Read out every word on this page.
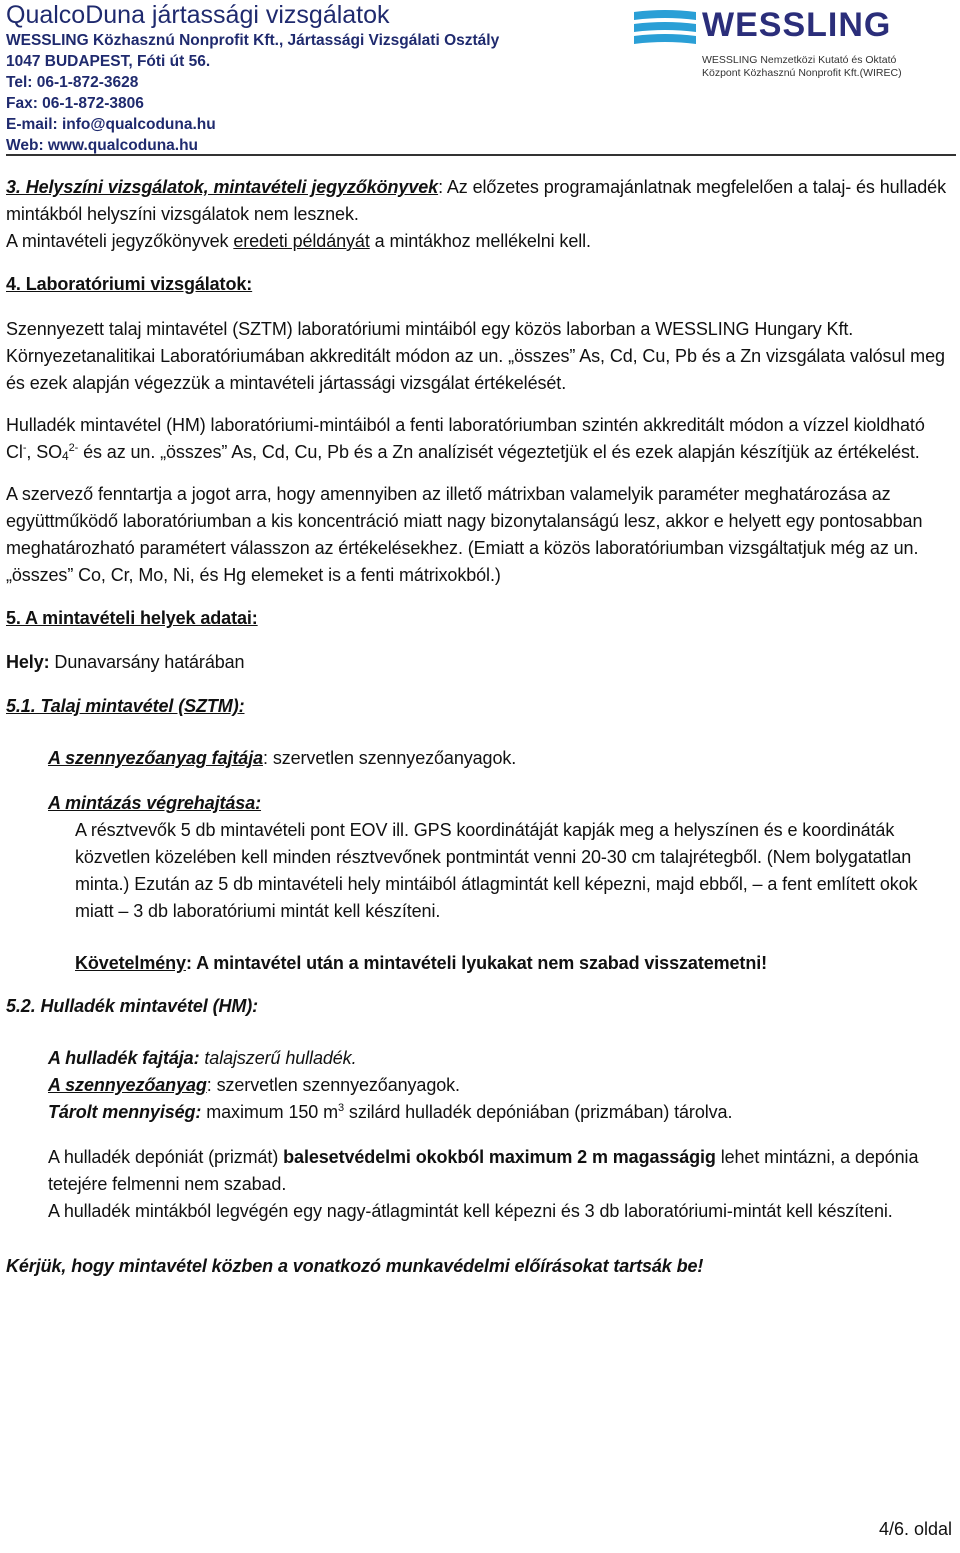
QualcoDuna jártassági vizsgálatok
WESSLING Közhasznú Nonprofit Kft., Jártassági Vizsgálati Osztály
1047 BUDAPEST, Fóti út 56.
Tel: 06-1-872-3628
Fax: 06-1-872-3806
E-mail: info@qualcoduna.hu
Web: www.qualcoduna.hu
WESSLING
WESSLING Nemzetközi Kutató és Oktató
Központ Közhasznú Nonprofit Kft.(WIREC)

3. Helyszíni vizsgálatok, mintavételi jegyzőkönyvek: Az előzetes programajánlatnak megfelelően a talaj- és hulladék mintákból helyszíni vizsgálatok nem lesznek.

A mintavételi jegyzőkönyvek eredeti példányát a mintákhoz mellékelni kell.

4. Laboratóriumi vizsgálatok:

Szennyezett talaj mintavétel (SZTM) laboratóriumi mintáiból egy közös laborban a WESSLING Hungary Kft. Környezetanalitikai Laboratóriumában akkreditált módon az un. „összes” As, Cd, Cu, Pb és a Zn vizsgálata valósul meg és ezek alapján végezzük a mintavételi jártassági vizsgálat értékelését.

Hulladék mintavétel (HM) laboratóriumi-mintáiból a fenti laboratóriumban szintén akkreditált módon a vízzel kioldható Cl-, $SO_4^{2-}$ és az un. „összes” As, Cd, Cu, Pb és a Zn analízisét végeztetjük el és ezek alapján készítjük az értékelést.

A szervező fenntartja a jogot arra, hogy amennyiben az illető mátrixban valamelyik paraméter meghatározása az együttműködő laboratóriumban a kis koncentráció miatt nagy bizonytalanságú lesz, akkor e helyett egy pontosabban meghatározható paramétert válasszon az értékelésekhez. (Emiatt a közös laboratóriumban vizsgáltatjuk még az un. „összes” Co, Cr, Mo, Ni, és Hg elemeket is a fenti mátrixokból.)

5. A mintavételi helyek adatai:

Hely: Dunavarsány határában

5.1. Talaj mintavétel (SZTM):

A szennyezőanyag fajtája: szervetlen szennyezőanyagok.

A mintázás végrehajtása:

A résztvevők 5 db mintavételi pont EOV ill. GPS koordinátáját kapják meg a helyszínen és e koordináták közvetlen közelében kell minden résztvevőnek pontmintát venni 20-30 cm talajrétegből. (Nem bolygatatlan minta.) Ezután az 5 db mintavételi hely mintáiból átlagmintát kell képezni, majd ebből, – a fent említett okok miatt – 3 db laboratóriumi mintát kell készíteni.

Követelmény: A mintavétel után a mintavételi lyukakat nem szabad visszatemetni!

5.2. Hulladék mintavétel (HM):

A hulladék fajtája: talajszerű hulladék.

A szennyezőanyag: szervetlen szennyezőanyagok.

Tárolt mennyiség: maximum 150 $m^3$ szilárd hulladék depóniában (prizmában) tárolva.

A hulladék depóniát (prizmát) balesetvédelmi okokból maximum 2 m magasságig lehet mintázni, a depónia tetejére felmenni nem szabad.

A hulladék mintákból legvégén egy nagy-átlagmintát kell képezni és 3 db laboratóriumi-mintát kell készíteni.

Kérjük, hogy mintavétel közben a vonatkozó munkavédelmi előírásokat tartsák be!

4/6. oldal
